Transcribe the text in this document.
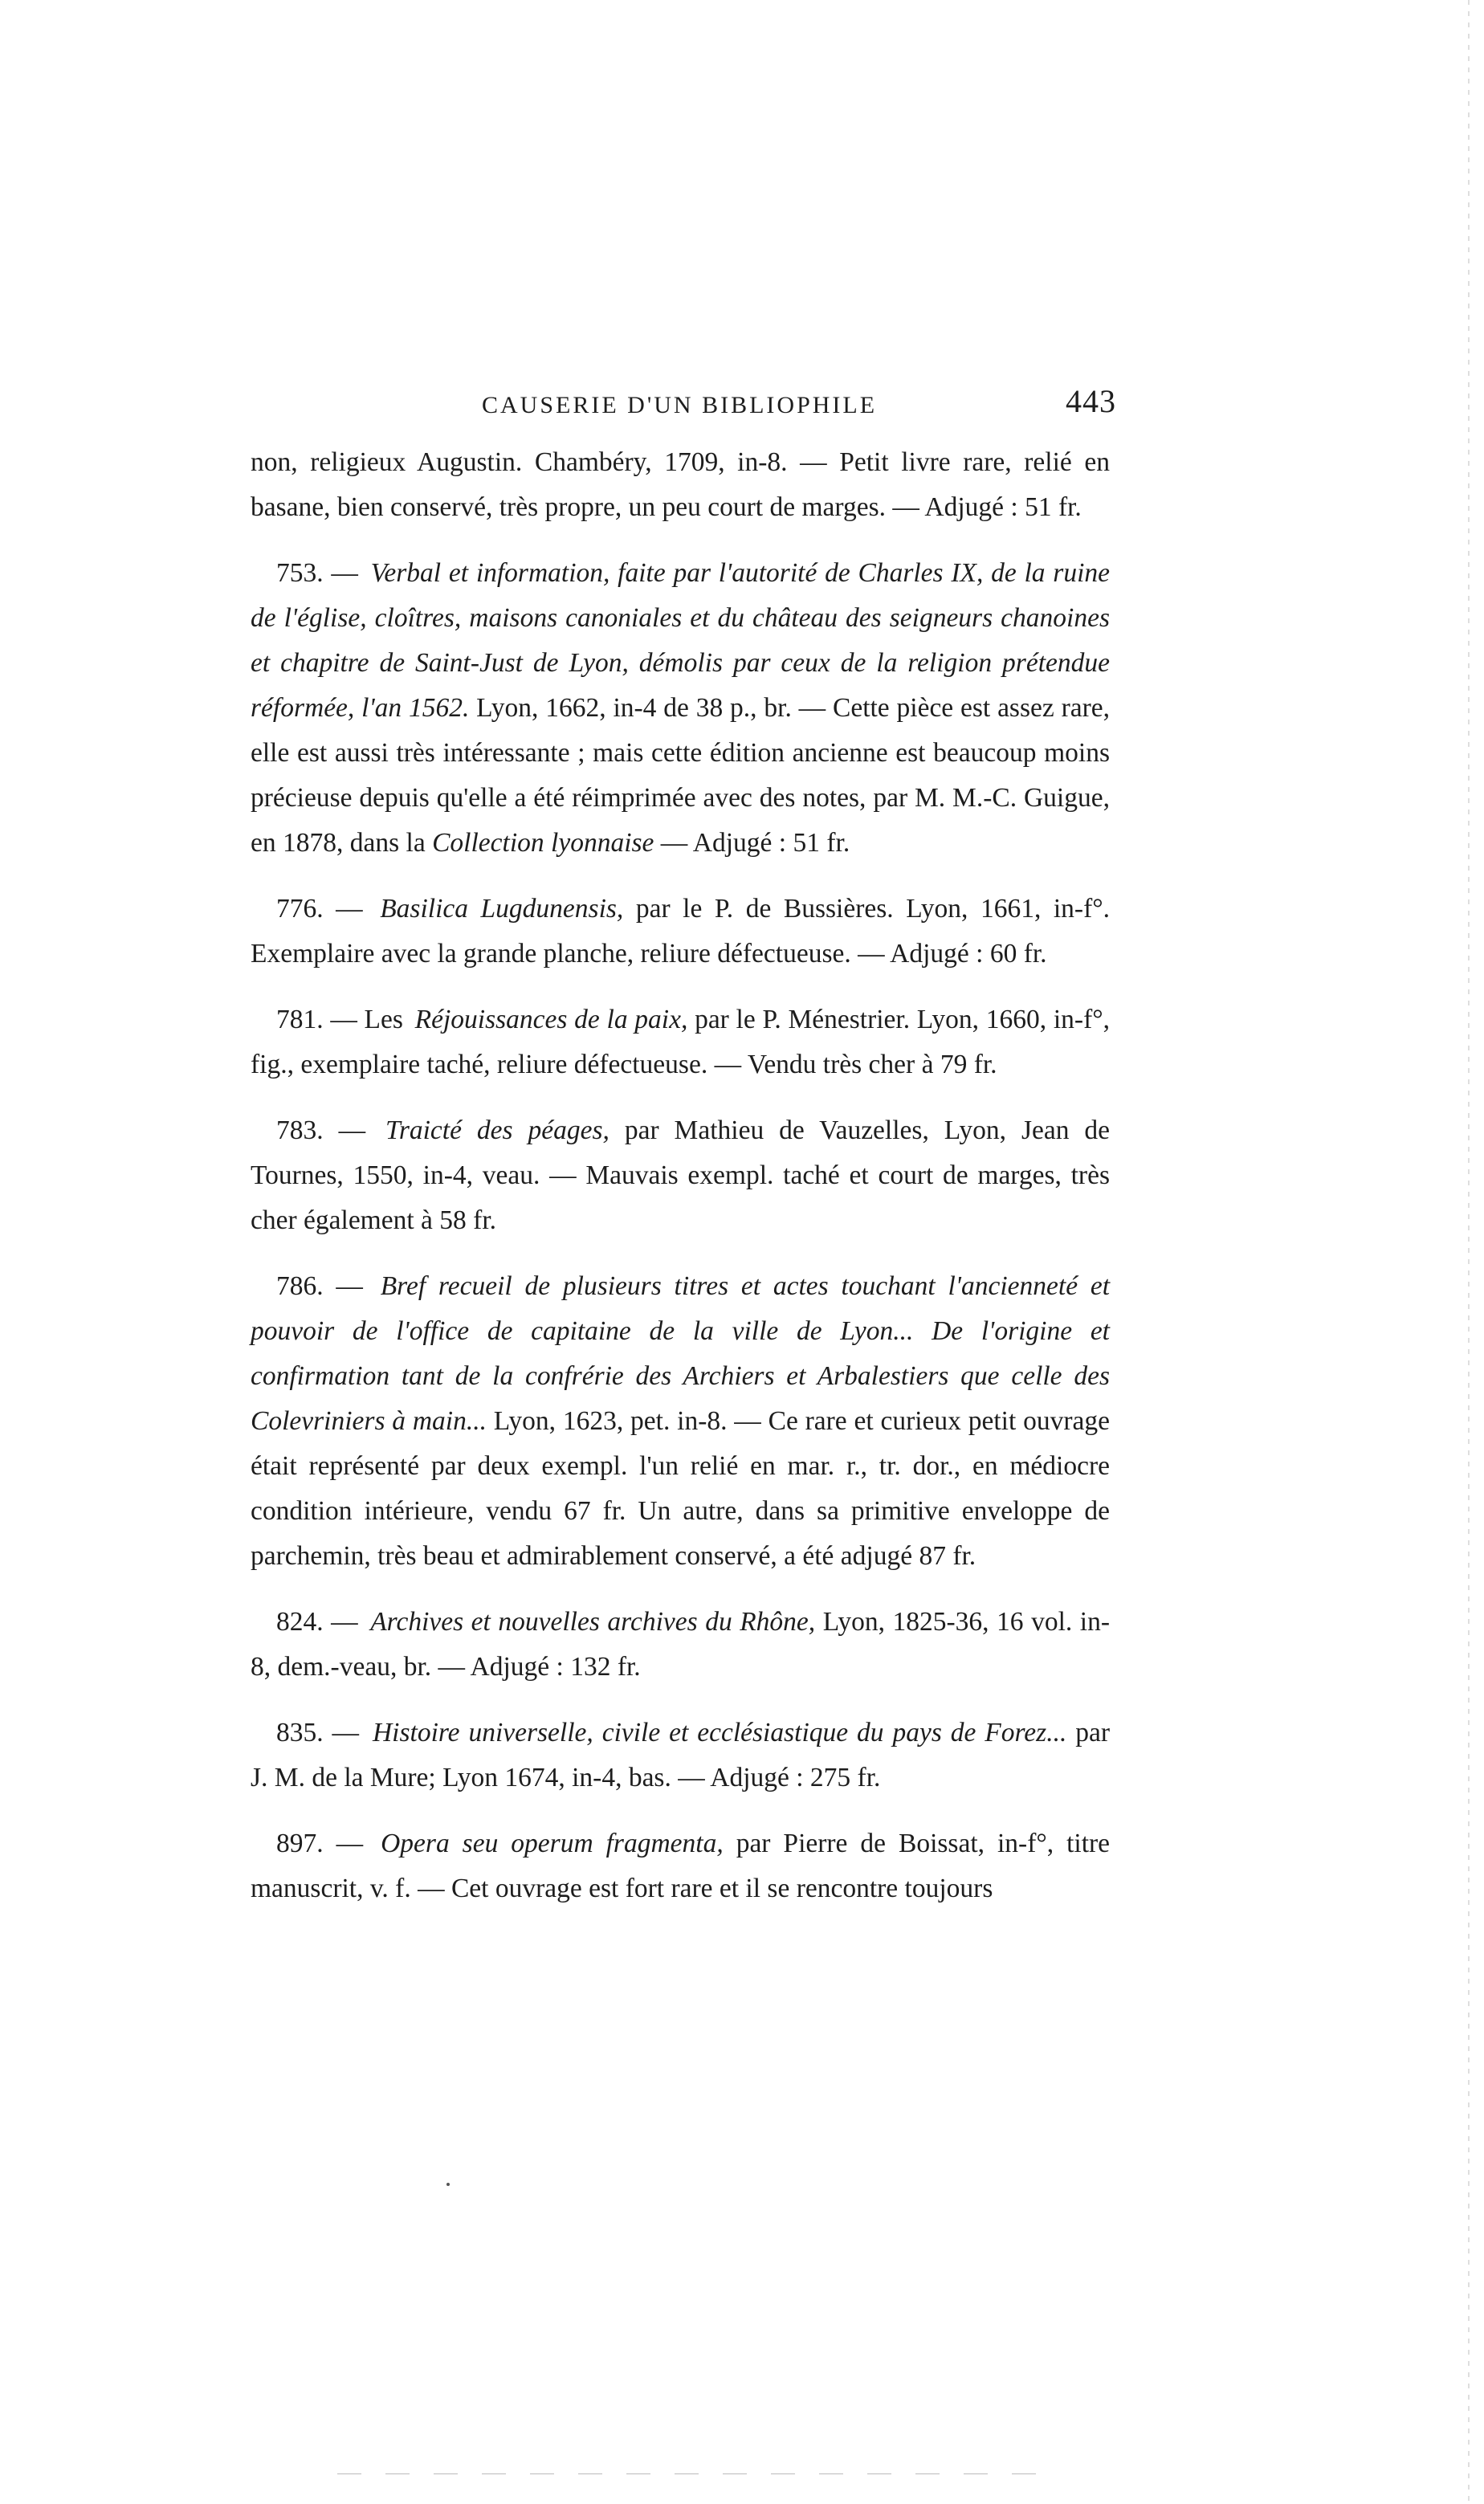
CAUSERIE D'UN BIBLIOPHILE	443

non, religieux Augustin. Chambéry, 1709, in-8. — Petit livre rare, relié en basane, bien conservé, très propre, un peu court de marges. — Adjugé : 51 fr.

753. — Verbal et information, faite par l'autorité de Charles IX, de la ruine de l'église, cloîtres, maisons canoniales et du château des seigneurs chanoines et chapitre de Saint-Just de Lyon, démolis par ceux de la religion prétendue réformée, l'an 1562. Lyon, 1662, in-4 de 38 p., br. — Cette pièce est assez rare, elle est aussi très intéressante ; mais cette édition ancienne est beaucoup moins précieuse depuis qu'elle a été réimprimée avec des notes, par M. M.-C. Guigue, en 1878, dans la Collection lyonnaise — Adjugé : 51 fr.

776. — Basilica Lugdunensis, par le P. de Bussières. Lyon, 1661, in-f°. Exemplaire avec la grande planche, reliure défectueuse. — Adjugé : 60 fr.

781. — Les Réjouissances de la paix, par le P. Ménestrier. Lyon, 1660, in-f°, fig., exemplaire taché, reliure défectueuse. — Vendu très cher à 79 fr.

783. — Traicté des péages, par Mathieu de Vauzelles, Lyon, Jean de Tournes, 1550, in-4, veau. — Mauvais exempl. taché et court de marges, très cher également à 58 fr.

786. — Bref recueil de plusieurs titres et actes touchant l'ancienneté et pouvoir de l'office de capitaine de la ville de Lyon... De l'origine et confirmation tant de la confrérie des Archiers et Arbalestiers que celle des Colevriniers à main... Lyon, 1623, pet. in-8. — Ce rare et curieux petit ouvrage était représenté par deux exempl. l'un relié en mar. r., tr. dor., en médiocre condition intérieure, vendu 67 fr. Un autre, dans sa primitive enveloppe de parchemin, très beau et admirablement conservé, a été adjugé 87 fr.

824. — Archives et nouvelles archives du Rhône, Lyon, 1825-36, 16 vol. in-8, dem.-veau, br. — Adjugé : 132 fr.

835. — Histoire universelle, civile et ecclésiastique du pays de Forez... par J. M. de la Mure; Lyon 1674, in-4, bas. — Adjugé : 275 fr.

897. — Opera seu operum fragmenta, par Pierre de Boissat, in-f°, titre manuscrit, v. f. — Cet ouvrage est fort rare et il se rencontre toujours
